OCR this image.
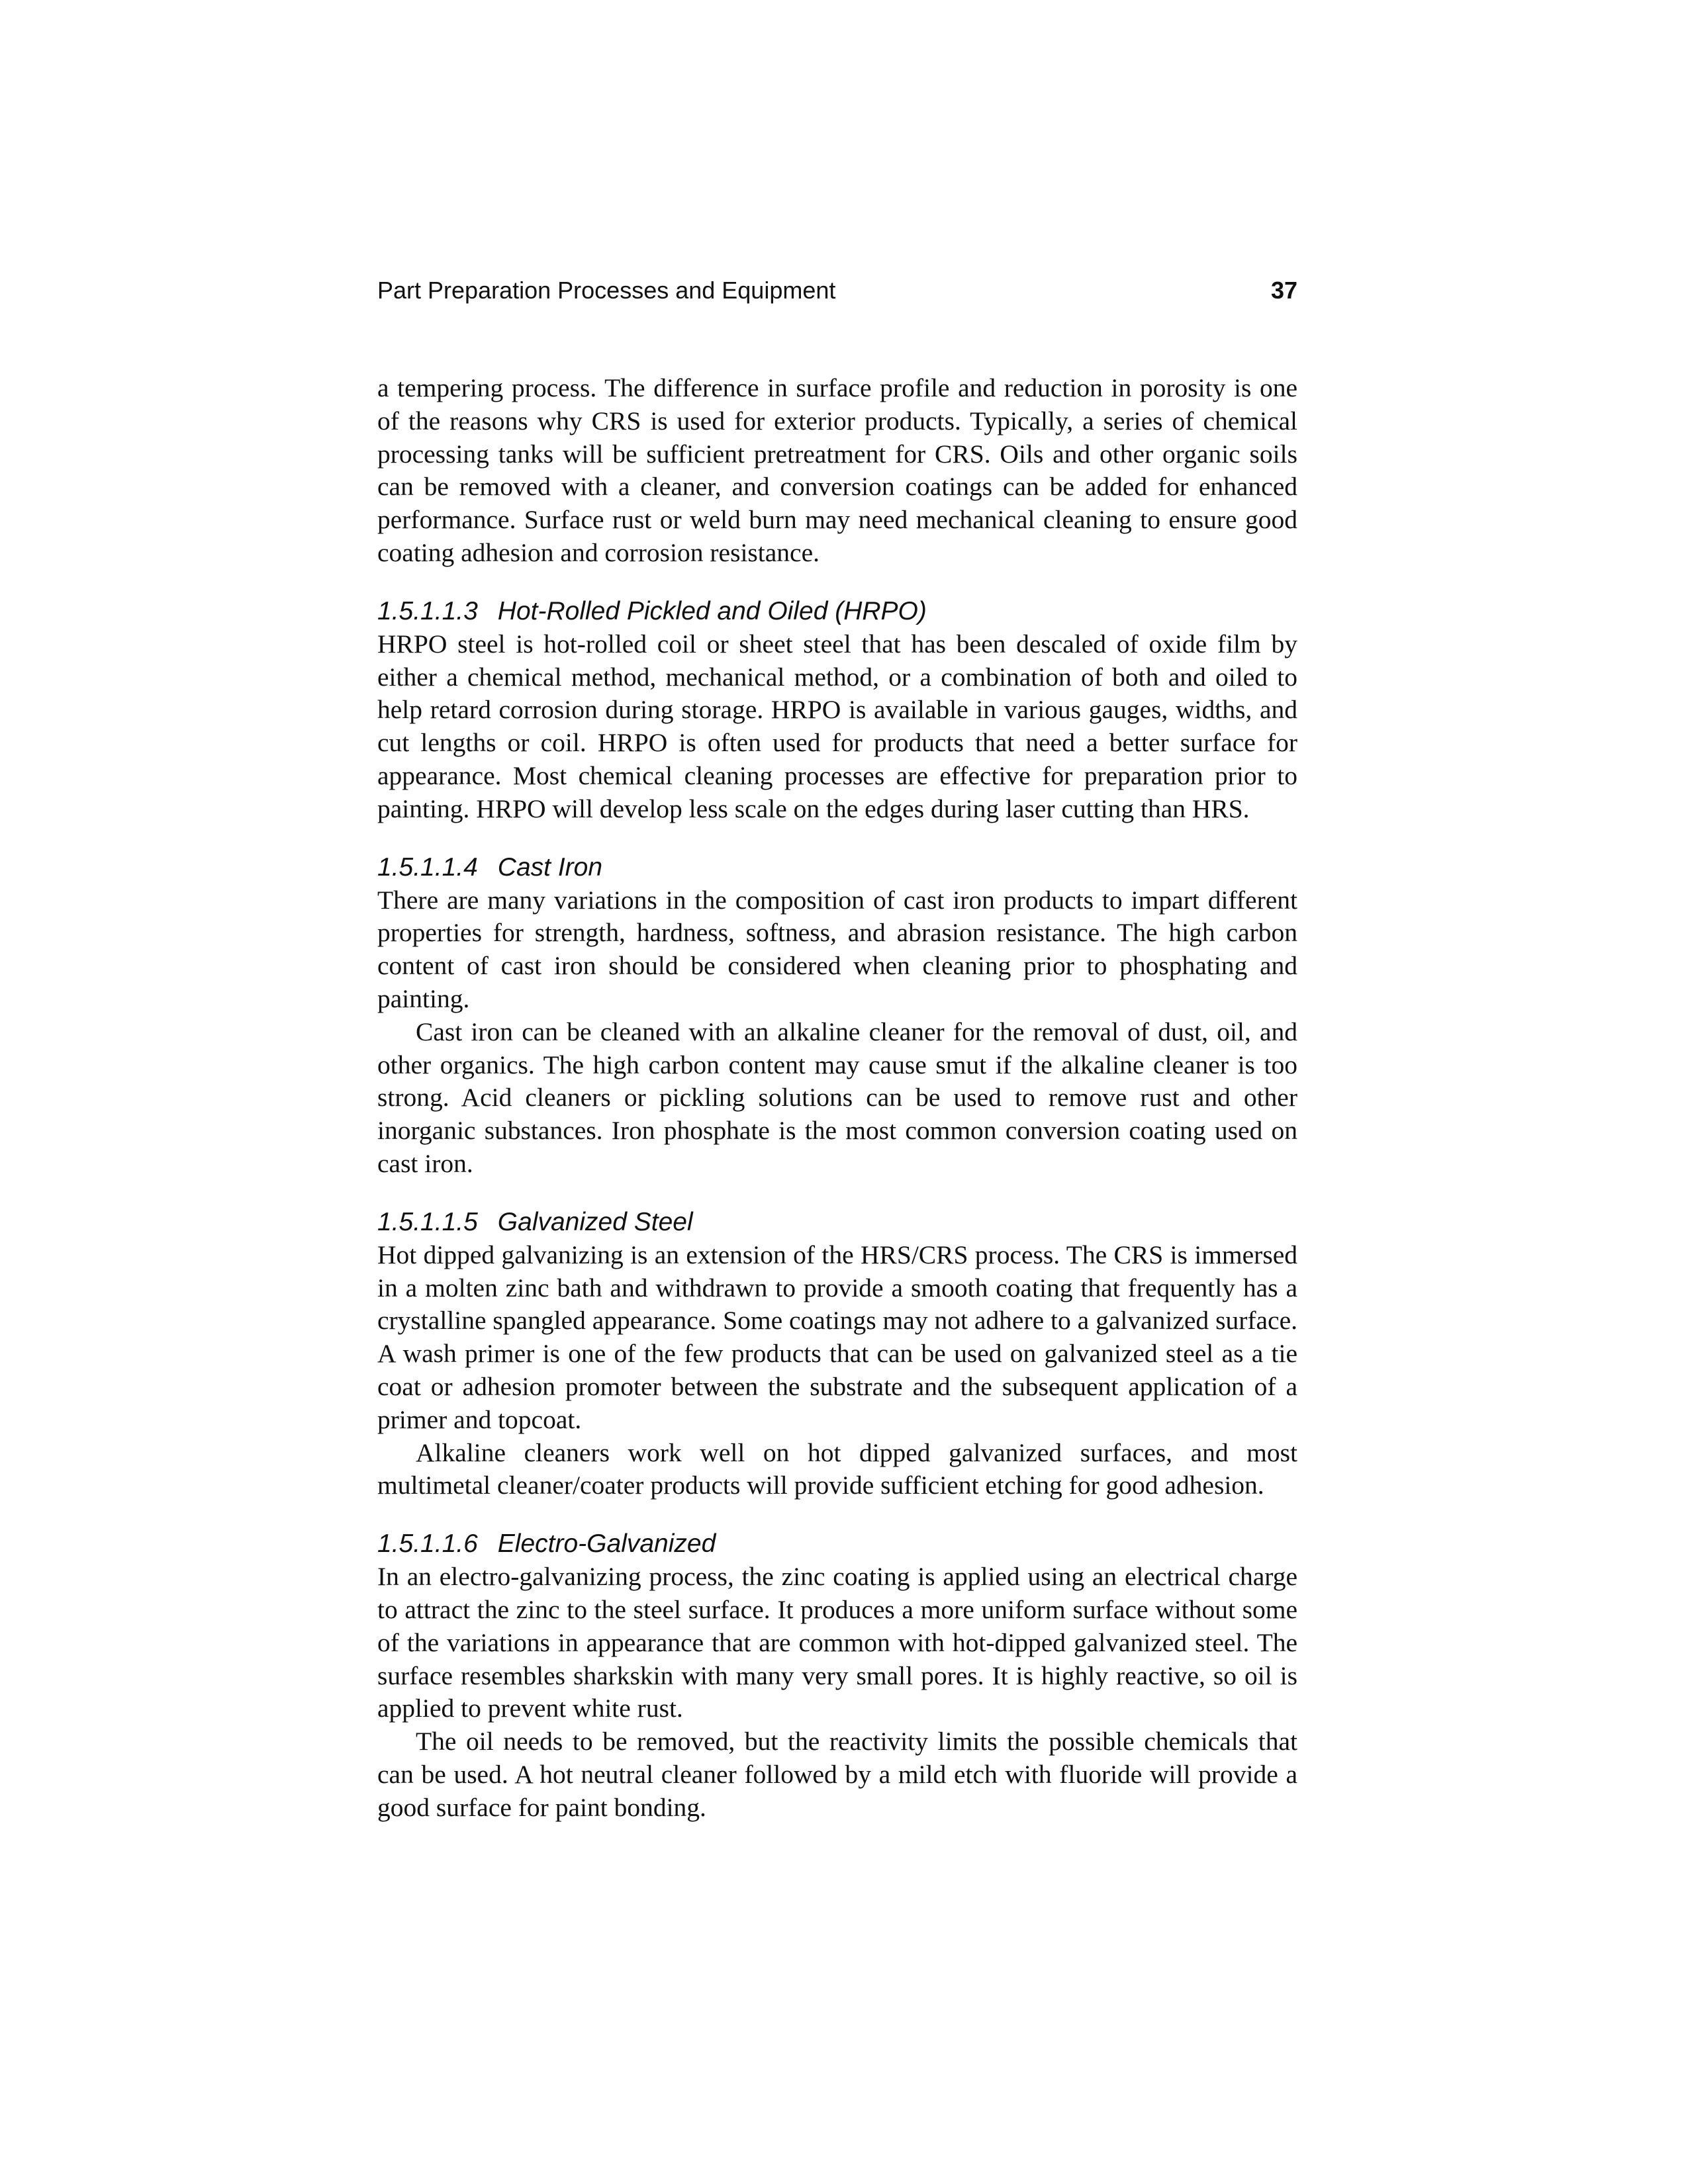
Part Preparation Processes and Equipment	37

a tempering process. The difference in surface profile and reduction in porosity is one of the reasons why CRS is used for exterior products. Typically, a series of chemical processing tanks will be sufficient pretreatment for CRS. Oils and other organic soils can be removed with a cleaner, and conversion coatings can be added for enhanced performance. Surface rust or weld burn may need mechanical cleaning to ensure good coating adhesion and corrosion resistance.

1.5.1.1.3 Hot-Rolled Pickled and Oiled (HRPO)

HRPO steel is hot-rolled coil or sheet steel that has been descaled of oxide film by either a chemical method, mechanical method, or a combination of both and oiled to help retard corrosion during storage. HRPO is available in various gauges, widths, and cut lengths or coil. HRPO is often used for products that need a better surface for appearance. Most chemical cleaning processes are effective for preparation prior to painting. HRPO will develop less scale on the edges during laser cutting than HRS.

1.5.1.1.4 Cast Iron

There are many variations in the composition of cast iron products to impart different properties for strength, hardness, softness, and abrasion resistance. The high carbon content of cast iron should be considered when cleaning prior to phosphating and painting.

Cast iron can be cleaned with an alkaline cleaner for the removal of dust, oil, and other organics. The high carbon content may cause smut if the alkaline cleaner is too strong. Acid cleaners or pickling solutions can be used to remove rust and other inorganic substances. Iron phosphate is the most common conversion coating used on cast iron.

1.5.1.1.5 Galvanized Steel

Hot dipped galvanizing is an extension of the HRS/CRS process. The CRS is immersed in a molten zinc bath and withdrawn to provide a smooth coating that frequently has a crystalline spangled appearance. Some coatings may not adhere to a galvanized surface. A wash primer is one of the few products that can be used on galvanized steel as a tie coat or adhesion promoter between the substrate and the subsequent application of a primer and topcoat.

Alkaline cleaners work well on hot dipped galvanized surfaces, and most multimetal cleaner/coater products will provide sufficient etching for good adhesion.

1.5.1.1.6 Electro-Galvanized

In an electro-galvanizing process, the zinc coating is applied using an electrical charge to attract the zinc to the steel surface. It produces a more uniform surface without some of the variations in appearance that are common with hot-dipped galvanized steel. The surface resembles sharkskin with many very small pores. It is highly reactive, so oil is applied to prevent white rust.

The oil needs to be removed, but the reactivity limits the possible chemicals that can be used. A hot neutral cleaner followed by a mild etch with fluoride will provide a good surface for paint bonding.
